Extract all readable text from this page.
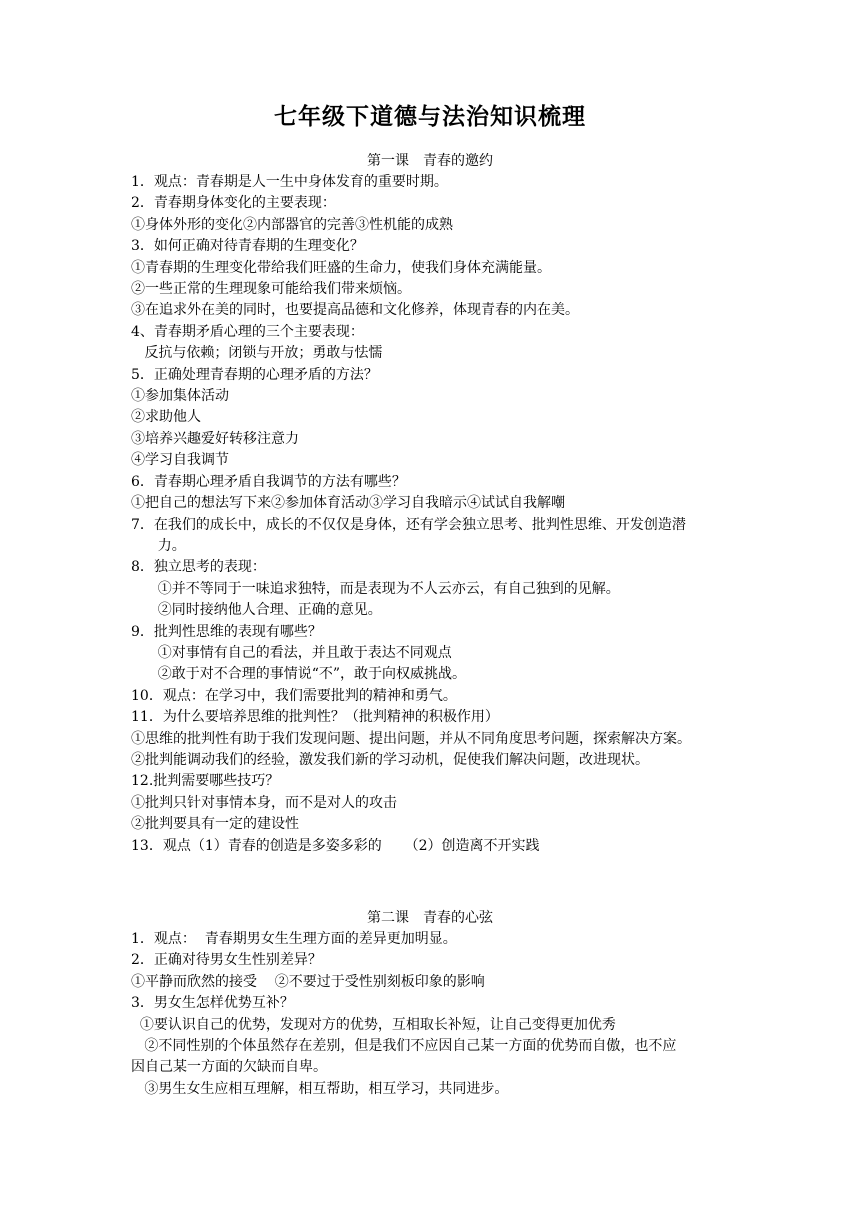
七年级下道德与法治知识梳理
第一课　青春的邀约
1．观点：青春期是人一生中身体发育的重要时期。
2．青春期身体变化的主要表现：
①身体外形的变化②内部器官的完善③性机能的成熟
3．如何正确对待青春期的生理变化？
①青春期的生理变化带给我们旺盛的生命力，使我们身体充满能量。
②一些正常的生理现象可能给我们带来烦恼。
③在追求外在美的同时，也要提高品德和文化修养，体现青春的内在美。
4、青春期矛盾心理的三个主要表现：
反抗与依赖；闭锁与开放；勇敢与怯懦
5．正确处理青春期的心理矛盾的方法？
①参加集体活动
②求助他人
③培养兴趣爱好转移注意力
④学习自我调节
6．青春期心理矛盾自我调节的方法有哪些？
①把自己的想法写下来②参加体育活动③学习自我暗示④试试自我解嘲
7．在我们的成长中，成长的不仅仅是身体，还有学会独立思考、批判性思维、开发创造潜
力。
8．独立思考的表现：
①并不等同于一味追求独特，而是表现为不人云亦云，有自己独到的见解。
②同时接纳他人合理、正确的意见。
9．批判性思维的表现有哪些？
①对事情有自己的看法，并且敢于表达不同观点
②敢于对不合理的事情说“不”，敢于向权威挑战。
10．观点：在学习中，我们需要批判的精神和勇气。
11．为什么要培养思维的批判性？（批判精神的积极作用）
①思维的批判性有助于我们发现问题、提出问题，并从不同角度思考问题，探索解决方案。
②批判能调动我们的经验，激发我们新的学习动机，促使我们解决问题，改进现状。
12.批判需要哪些技巧？
①批判只针对事情本身，而不是对人的攻击
②批判要具有一定的建设性
13．观点（1）青春的创造是多姿多彩的　  （2）创造离不开实践
第二课　青春的心弦
1．观点：  青春期男女生生理方面的差异更加明显。
2．正确对待男女生性别差异？
①平静而欣然的接受    ②不要过于受性别刻板印象的影响
3．男女生怎样优势互补？
①要认识自己的优势，发现对方的优势，互相取长补短，让自己变得更加优秀
②不同性别的个体虽然存在差别，但是我们不应因自己某一方面的优势而自傲，也不应
因自己某一方面的欠缺而自卑。
③男生女生应相互理解，相互帮助，相互学习，共同进步。
